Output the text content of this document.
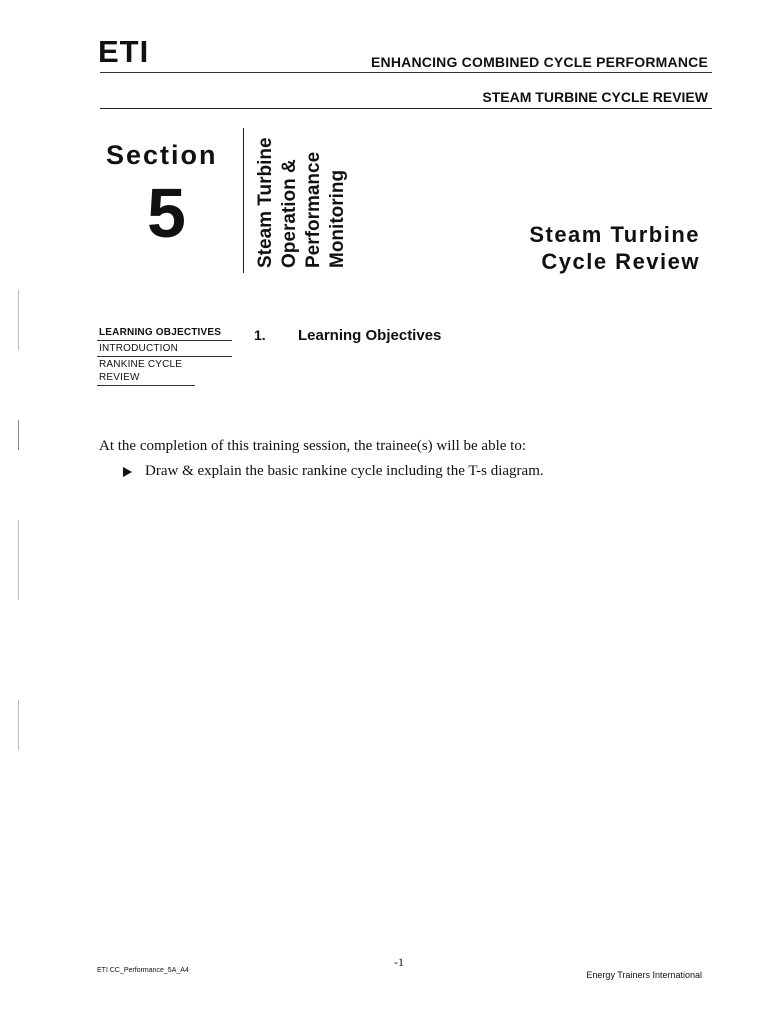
ETI	ENHANCING COMBINED CYCLE PERFORMANCE
STEAM TURBINE CYCLE REVIEW
Section
5	Steam Turbine Operation & Performance Monitoring	Steam Turbine
Cycle Review
LEARNING OBJECTIVES
INTRODUCTION
RANKINE CYCLE REVIEW
1. Learning Objectives
At the completion of this training session, the trainee(s) will be able to:
Draw & explain the basic rankine cycle including the T-s diagram.
-1
ETI CC_Performance_5A_A4	Energy Trainers International
